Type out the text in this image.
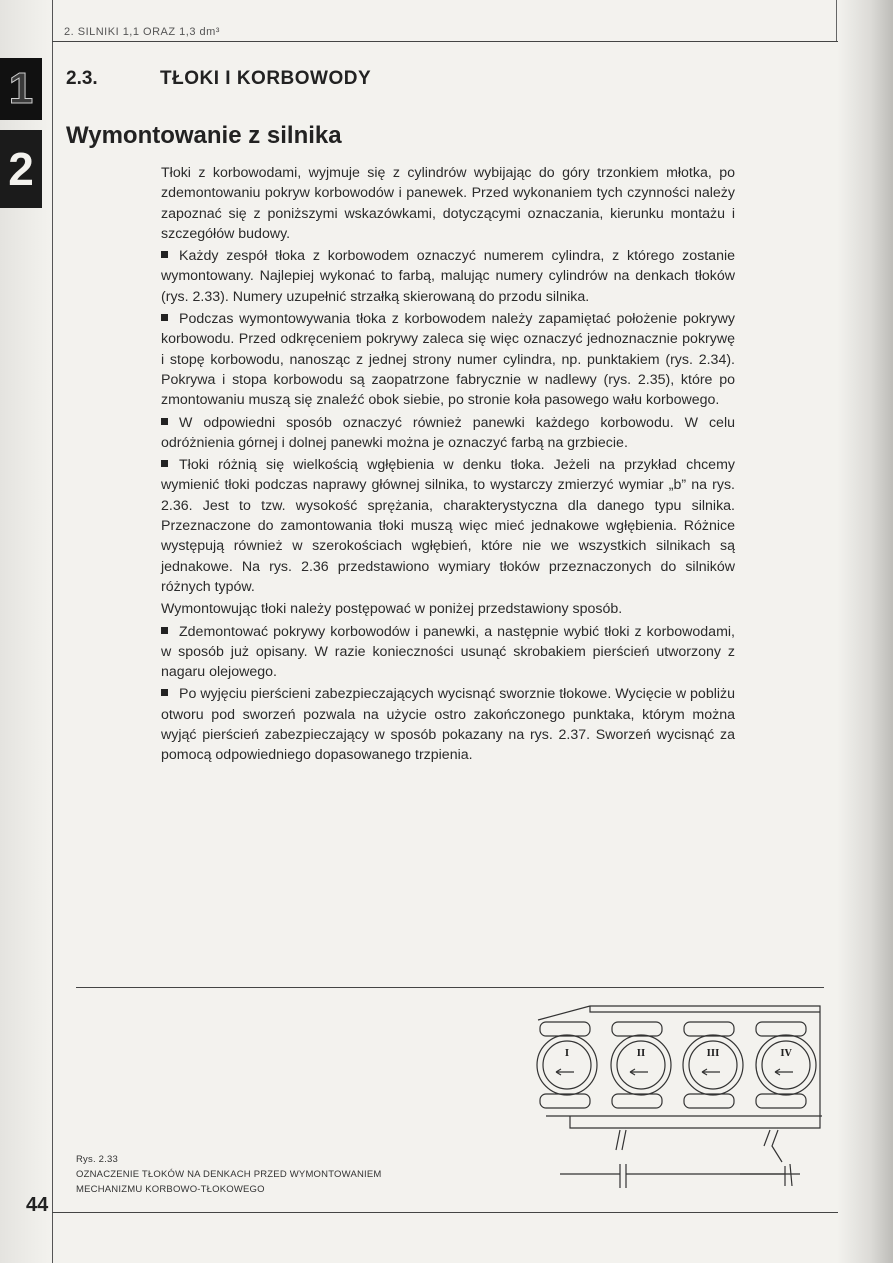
2. SILNIKI 1,1 ORAZ 1,3 dm³
1
2
2.3.	TŁOKI I KORBOWODY
Wymontowanie z silnika

Tłoki z korbowodami, wyjmuje się z cylindrów wybijając do góry trzonkiem młotka, po zdemontowaniu pokryw korbowodów i panewek. Przed wykonaniem tych czynności należy zapoznać się z poniższymi wskazówkami, dotyczącymi oznaczania, kierunku montażu i szczegółów budowy.

Każdy zespół tłoka z korbowodem oznaczyć numerem cylindra, z którego zostanie wymontowany. Najlepiej wykonać to farbą, malując numery cylindrów na denkach tłoków (rys. 2.33). Numery uzupełnić strzałką skierowaną do przodu silnika.

Podczas wymontowywania tłoka z korbowodem należy zapamiętać położenie pokrywy korbowodu. Przed odkręceniem pokrywy zaleca się więc oznaczyć jednoznacznie pokrywę i stopę korbowodu, nanosząc z jednej strony numer cylindra, np. punktakiem (rys. 2.34). Pokrywa i stopa korbowodu są zaopatrzone fabrycznie w nadlewy (rys. 2.35), które po zmontowaniu muszą się znaleźć obok siebie, po stronie koła pasowego wału korbowego.

W odpowiedni sposób oznaczyć również panewki każdego korbowodu. W celu odróżnienia górnej i dolnej panewki można je oznaczyć farbą na grzbiecie.

Tłoki różnią się wielkością wgłębienia w denku tłoka. Jeżeli na przykład chcemy wymienić tłoki podczas naprawy głównej silnika, to wystarczy zmierzyć wymiar „b” na rys. 2.36. Jest to tzw. wysokość sprężania, charakterystyczna dla danego typu silnika. Przeznaczone do zamontowania tłoki muszą więc mieć jednakowe wgłębienia. Różnice występują również w szerokościach wgłębień, które nie we wszystkich silnikach są jednakowe. Na rys. 2.36 przedstawiono wymiary tłoków przeznaczonych do silników różnych typów.

Wymontowując tłoki należy postępować w poniżej przedstawiony sposób.

Zdemontować pokrywy korbowodów i panewki, a następnie wybić tłoki z korbowodami, w sposób już opisany. W razie konieczności usunąć skrobakiem pierścień utworzony z nagaru olejowego.

Po wyjęciu pierścieni zabezpieczających wycisnąć sworznie tłokowe. Wycięcie w pobliżu otworu pod sworzeń pozwala na użycie ostro zakończonego punktaka, którym można wyjąć pierścień zabezpieczający w sposób pokazany na rys. 2.37. Sworzeń wycisnąć za pomocą odpowiedniego dopasowanego trzpienia.

I	II	III	IV
Rys. 2.33
OZNACZENIE TŁOKÓW NA DENKACH PRZED WYMONTOWANIEM
MECHANIZMU KORBOWO-TŁOKOWEGO
44
